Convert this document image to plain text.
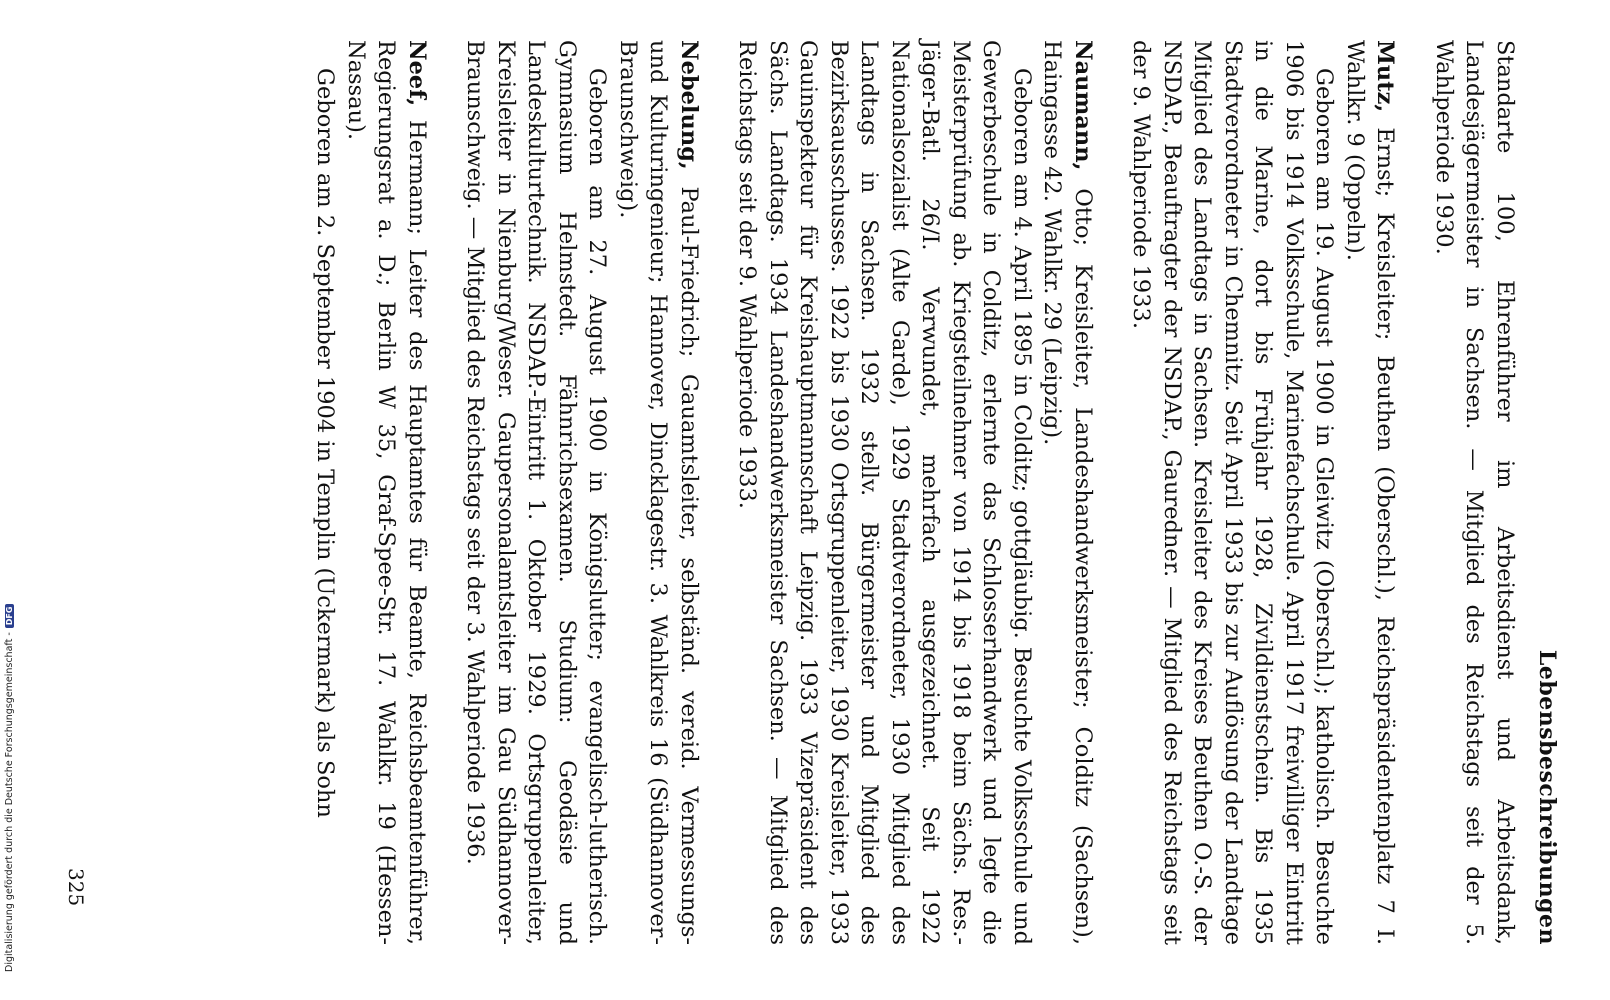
Lebensbeschreibungen

Standarte 100, Ehrenführer im Arbeitsdienst und Arbeitsdank, Landesjägermeister in Sachsen. — Mitglied des Reichstags seit der 5. Wahlperiode 1930.

Mutz, Ernst; Kreisleiter; Beuthen (Oberschl.), Reichspräsidentenplatz 7 I. Wahlkr. 9 (Oppeln).

Geboren am 19. August 1900 in Gleiwitz (Oberschl.); katholisch. Besuchte 1906 bis 1914 Volksschule, Marinefachschule. April 1917 freiwilliger Eintritt in die Marine, dort bis Frühjahr 1928, Zivildienstschein. Bis 1935 Stadtverordneter in Chemnitz. Seit April 1933 bis zur Auflösung der Landtage Mitglied des Landtags in Sachsen. Kreisleiter des Kreises Beuthen O.-S. der NSDAP., Beauftragter der NSDAP., Gauredner. — Mitglied des Reichstags seit der 9. Wahlperiode 1933.

Naumann, Otto; Kreisleiter, Landeshandwerksmeister; Colditz (Sachsen), Haingasse 42. Wahlkr. 29 (Leipzig).

Geboren am 4. April 1895 in Colditz; gottgläubig. Besuchte Volksschule und Gewerbeschule in Colditz, erlernte das Schlosserhandwerk und legte die Meisterprüfung ab. Kriegsteilnehmer von 1914 bis 1918 beim Sächs. Res.-Jäger-Batl. 26/I. Verwundet, mehrfach ausgezeichnet. Seit 1922 Nationalsozialist (Alte Garde), 1929 Stadtverordneter, 1930 Mitglied des Landtags in Sachsen. 1932 stellv. Bürgermeister und Mitglied des Bezirksausschusses. 1922 bis 1930 Ortsgruppenleiter, 1930 Kreisleiter, 1933 Gauinspekteur für Kreishauptmannschaft Leipzig. 1933 Vizepräsident des Sächs. Landtags. 1934 Landeshandwerksmeister Sachsen. — Mitglied des Reichstags seit der 9. Wahlperiode 1933.

Nebelung, Paul-Friedrich; Gauamtsleiter, selbständ. vereid. Vermessungs- und Kulturingenieur; Hannover, Dincklagestr. 3. Wahlkreis 16 (Südhannover-Braunschweig).

Geboren am 27. August 1900 in Königslutter; evangelisch-lutherisch. Gymnasium Helmstedt. Fähnrichsexamen. Studium: Geodäsie und Landeskulturtechnik. NSDAP.-Eintritt 1. Oktober 1929. Ortsgruppenleiter, Kreisleiter in Nienburg/Weser. Gaupersonalamtsleiter im Gau Südhannover-Braunschweig. — Mitglied des Reichstags seit der 3. Wahlperiode 1936.

Neef, Hermann; Leiter des Hauptamtes für Beamte, Reichsbeamtenführer, Regierungsrat a. D.; Berlin W 35, Graf-Spee-Str. 17. Wahlkr. 19 (Hessen-Nassau).

Geboren am 2. September 1904 in Templin (Uckermark) als Sohn

325
Digitalisierung gefördert durch die Deutsche Forschungsgemeinschaft -DFG
